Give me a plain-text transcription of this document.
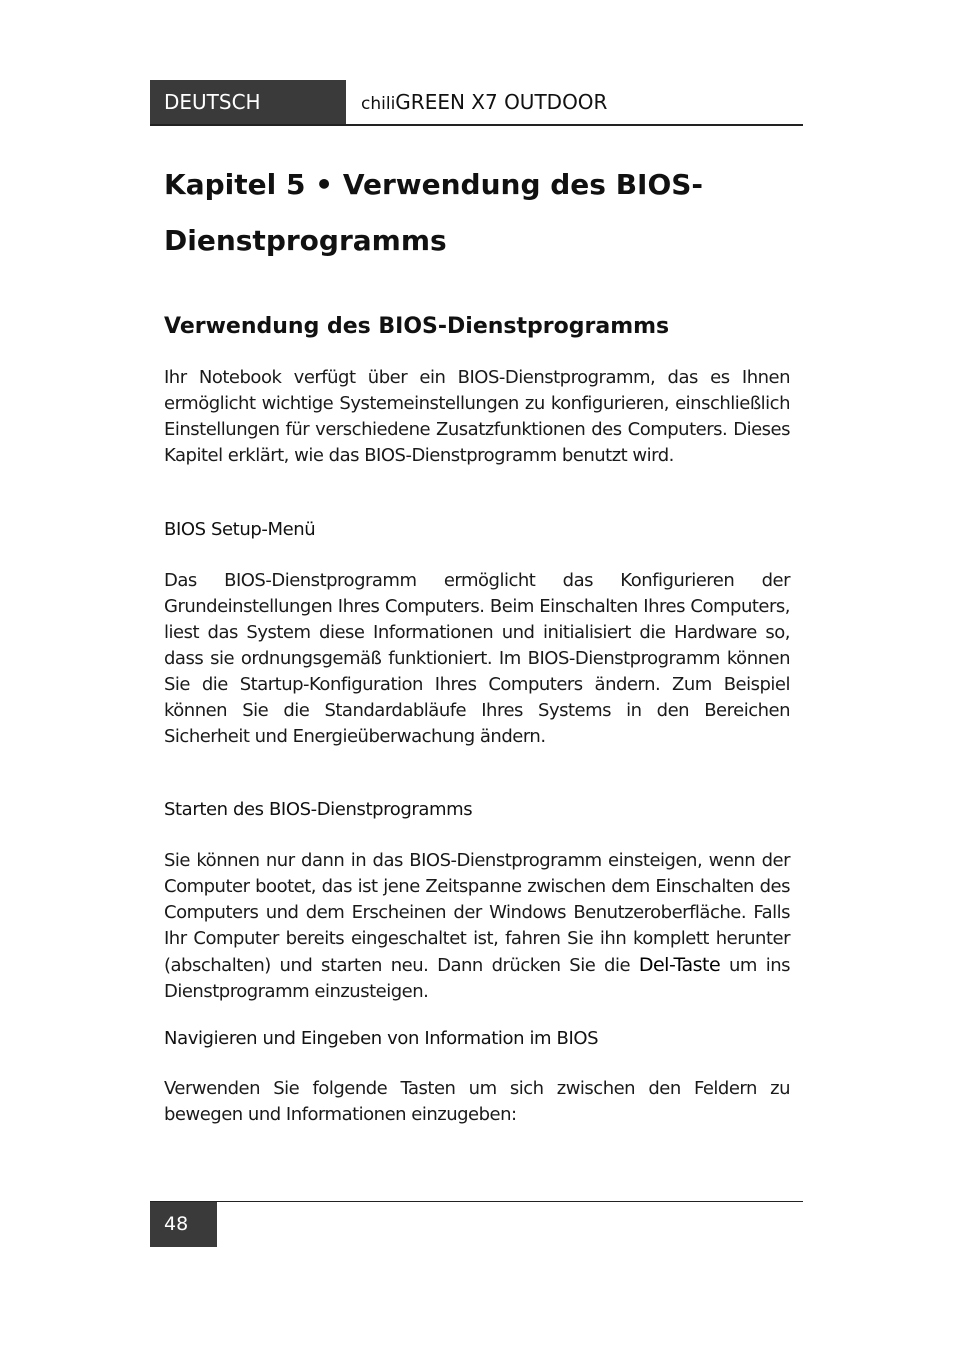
DEUTSCH	chiliGREEN X7 OUTDOOR
Kapitel 5 • Verwendung des BIOS-Dienstprogramms
Verwendung des BIOS-Dienstprogramms

Ihr Notebook verfügt über ein BIOS-Dienstprogramm, das es Ihnen ermöglicht wichtige Systemeinstellungen zu konfigurieren, einschließlich Einstellungen für verschiedene Zusatzfunktionen des Computers. Dieses Kapitel erklärt, wie das BIOS-Dienstprogramm benutzt wird.

BIOS Setup-Menü

Das BIOS-Dienstprogramm ermöglicht das Konfigurieren der Grundeinstellungen Ihres Computers. Beim Einschalten Ihres Computers, liest das System diese Informationen und initialisiert die Hardware so, dass sie ordnungsgemäß funktioniert. Im BIOS-Dienstprogramm können Sie die Startup-Konfiguration Ihres Computers ändern. Zum Beispiel können Sie die Standardabläufe Ihres Systems in den Bereichen Sicherheit und Energieüberwachung ändern.

Starten des BIOS-Dienstprogramms

Sie können nur dann in das BIOS-Dienstprogramm einsteigen, wenn der Computer bootet, das ist jene Zeitspanne zwischen dem Einschalten des Computers und dem Erscheinen der Windows Benutzeroberfläche. Falls Ihr Computer bereits eingeschaltet ist, fahren Sie ihn komplett herunter (abschalten) und starten neu. Dann drücken Sie die Del-Taste um ins Dienstprogramm einzusteigen.

Navigieren und Eingeben von Information im BIOS

Verwenden Sie folgende Tasten um sich zwischen den Feldern zu bewegen und Informationen einzugeben:

48
